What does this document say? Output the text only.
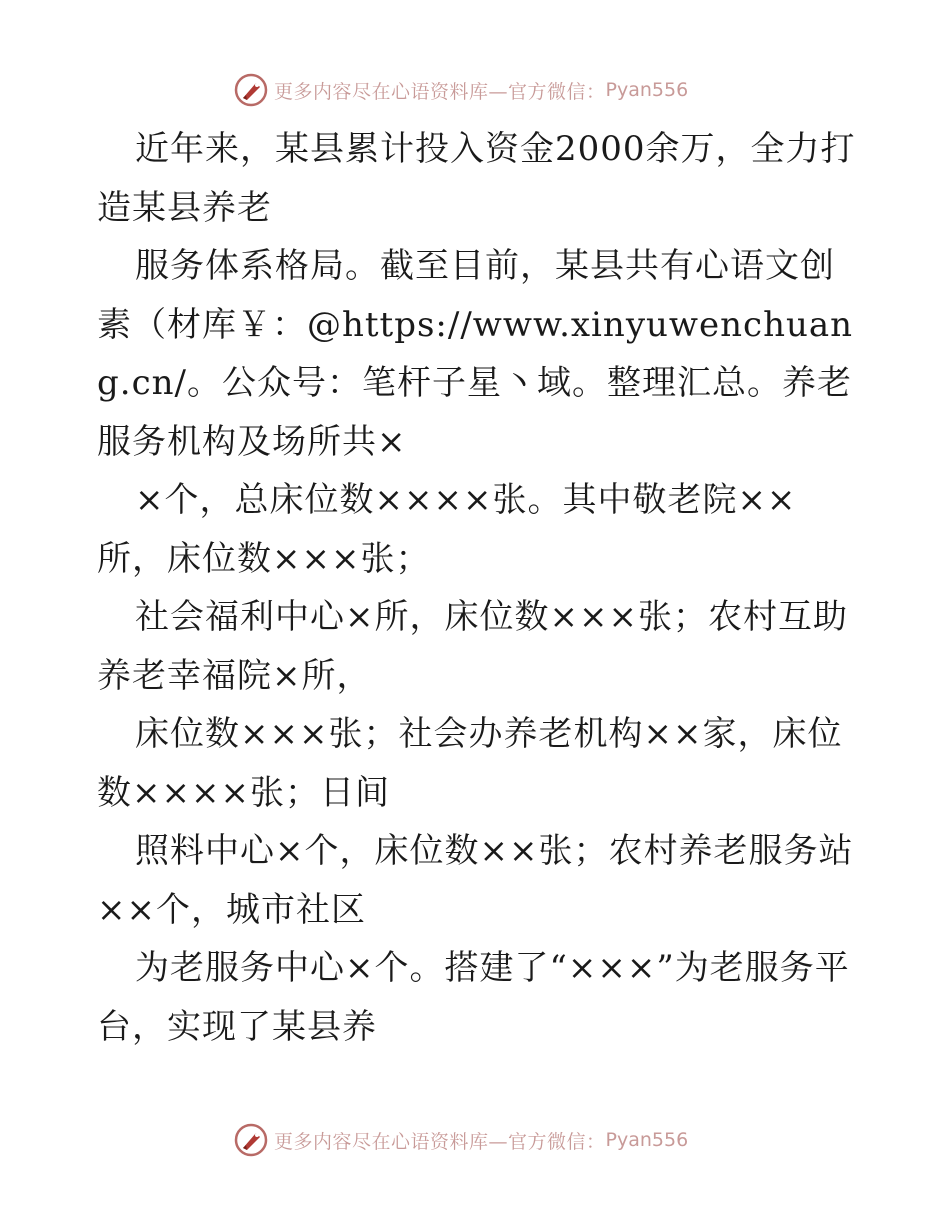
更多内容尽在心语资料库—官方微信： Pyan556

近年来，某县累计投入资金2000余万，全力打造某县养老

服务体系格局。截至目前，某县共有心语文创素（材库￥：@https://www.xinyuwenchuang.cn/。公众号：笔杆子星丶域。整理汇总。养老服务机构及场所共×

×个，总床位数××××张。其中敬老院××所，床位数×××张；

社会福利中心×所，床位数×××张；农村互助养老幸福院×所，

床位数×××张；社会办养老机构××家，床位数××××张；日间

照料中心×个，床位数××张；农村养老服务站××个，城市社区

为老服务中心×个。搭建了“×××”为老服务平台，实现了某县养

更多内容尽在心语资料库—官方微信： Pyan556
